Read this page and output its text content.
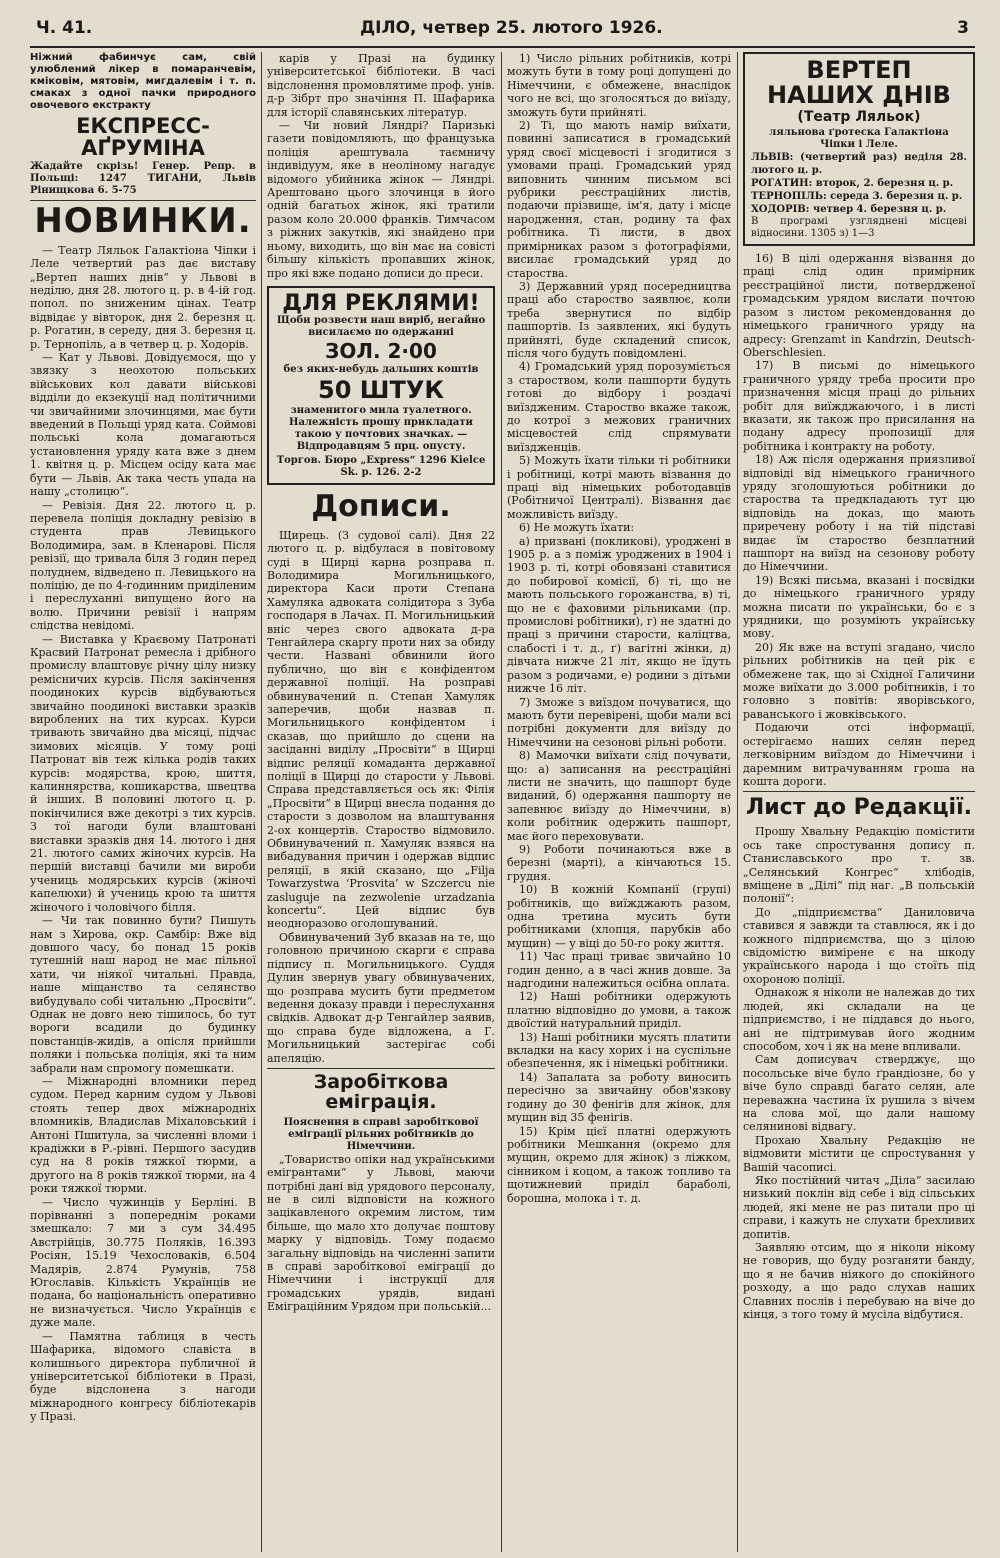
Ч. 41.	ДІЛО, четвер 25. лютого 1926.	3

Ніжний фабинчує сам, свій улюблений лікер в помаранчевім, кміковім, мятовім, мигдалевім і т. п. смаках з одної пачки природного овочевого екстракту

ЕКСПРЕСС-АҐРУМІНА

Жадайте скрізь! Генер. Репр. в Польщі: 1247 ТИГАНИ, Львів Рінищкова 6. 5-75

НОВИНКИ.

— Театр Ляльок Галактіона Чіпки і Леле четвертий раз дає виставу „Вертеп наших днів“ у Львові в неділю, дня 28. лютого ц. р. в 4-ій год. попол. по зниженим цінах. Театр відвідає у вівторок, дня 2. березня ц. р. Рогатин, в середу, дня 3. березня ц. р. Тернопіль, а в четвер ц. р. Ходорів.

— Кат у Львові. Довідуємося, що у звязку з неохотою польських військових кол давати військові відділи до екзекуції над політичними чи звичайними злочинцями, має бути введений в Польщі уряд ката. Соймові польські кола домагаються установлення уряду ката вже з днем 1. квітня ц. р. Місцем осіду ката має бути — Львів. Ак така честь упада на нашу „столицю“.

— Ревізія. Дня 22. лютого ц. р. перевела поліція докладну ревізію в студента прав Левицького Володимира, зам. в Кленарові. Після ревізії, що тривала біля 3 годин перед полуднем, відведено п. Левицького на поліцію, де по 4-годинним приділеним і переслуханні випущено його на волю. Причини ревізії і напрям слідства невідомі.

— Виставка у Краєвому Патронаті Красвий Патронат ремесла і дрібного промислу влаштовує річну цілу низку ремісничих курсів. Після закінчення поодиноких курсів відбуваються звичайно поодинокі виставки зразків вироблених на тих курсах. Курси тривають звичайно два місяці, підчас зимових місяців. У тому році Патронат вів теж кілька родів таких курсів: модярства, крою, шиття, калиннярства, кошикарства, швецтва й інших. В половині лютого ц. р. покінчилися вже декотрі з тих курсів. З тої нагоди були влаштовані виставки зразків дня 14. лютого і дня 21. лютого самих жіночих курсів. На першій виставці бачили ми вироби учениць модярських курсів (жіночі капелюхи) й учениць крою та шиття жіночого і чоловічого білля.

— Чи так повинно бути? Пишуть нам з Хирова, окр. Самбір: Вже від довшого часу, бо понад 15 років тутешній наш народ не має пільної хати, чи ніякої читальні. Правда, наше міщанство та селянство вибудувало собі читальню „Просвіти“. Однак не довго нею тішилось, бо тут вороги всадили до будинку повстанців-жидів, а опісля прийшли поляки і польська поліція, які та ним забрали нам спромогу помешкати.

— Міжнародні вломники перед судом. Перед карним судом у Львові стоять тепер двох міжнародніх вломників, Владислав Міхаловський і Антоні Пшитула, за численні вломи і крадіжки в Р.-рівні. Першого засудив суд на 8 років тяжкої тюрми, а другого на 8 років тяжкої тюрми, на 4 роки тяжкої тюрми.

— Число чужинців у Берліні. В порівнанні з попереднім роками змешкало: 7 ми з сум 34.495 Австрійців, 30.775 Поляків, 16.393 Росіян, 15.19 Чехословаків, 6.504 Мадярів, 2.874 Румунів, 758 Югославів. Кількість Українців не подана, бо національність оперативно не визначується. Число Українців є дуже мале.

— Памятна таблиця в честь Шафарика, відомого славіста в колишнього директора публичної й університетської бібліотеки в Празі, буде відслонена з нагоди міжнародного конгресу бібліотекарів у Празі.

карів у Празі на будинку університетської бібліотеки. В часі відслонення промовлятиме проф. унів. д-р Зібрт про значіння П. Шафарика для історії славянських літератур.

— Чи новий Ляндрі? Паризькі газети повідомляють, що французька поліція арештувала таємничу індивідуум, яке в неоліному нагадує відомого убийника жінок — Ляндрі. Арештовано цього злочинця в його одній багатьох жінок, які тратили разом коло 20.000 франків. Тимчасом з ріжних закутків, які знайдено при ньому, виходить, що він має на совісті більшу кількість пропавших жінок, про які вже подано дописи до преси.

ДЛЯ РЕКЛЯМИ!

Щоби розвести наш виріб, негайно висилаємо по одержанні

ЗОЛ. 2·00

без яких-небудь дальших коштів

50 ШТУК

знаменитого мила туалетного. Належність прошу прикладати такою у почтових значках. — Відпродавцям 5 прц. опусту.

Торгов. Бюро „Express“ 1296 Kielce Sk. p. 126. 2-2

Дописи.

Щирець. (З судової салі). Дня 22 лютого ц. р. відбулася в повітовому суді в Щирці карна розправа п. Володимира Могильницького, директора Каси проти Степана Хамуляка адвоката солідитора з Зуба господаря в Лачах. П. Могильницький вніс через свого адвоката д-ра Тенгайлера скаргу проти них за обиду чести. Названі обвинили його публично, що він є конфідентом державної поліції. На розправі обвинувачений п. Степан Хамуляк заперечив, щоби назвав п. Могильницького конфідентом і сказав, що прийшло до сцени на засіданні виділу „Просвіти“ в Щирці відпис реляції комаданта державної поліції в Щирці до старости у Львові. Справа представляється ось як: Філія „Просвіти“ в Щирці внесла подання до старости з дозволом на влаштування 2-ох концертів. Староство відмовило. Обвинувачений п. Хамуляк взявся на вибадування причин і одержав відпис реляції, в якій сказано, що „Filja Towarzystwa ‘Prosvita’ w Szczercu nie zasluguje na zezwolenie urzadzania koncertu“. Цей відпис був неодноразово оголошуваний.

Обвинувачений Зуб вказав на те, що головною причиною скарги є справа підпису п. Могильницького. Суддя Дулин звернув увагу обвинувачених, що розправа мусить бути предметом ведення доказу правди і переслухання свідків. Адвокат д-р Тенгайлер заявив, що справа буде відложена, а Г. Могильницький застерігає собі апеляцію.

Заробіткова еміграція.

Пояснення в справі заробіткової еміграції рільних робітників до Німеччини.

„Товариство опіки над українськими емігрантами“ у Львові, маючи потрібні дані від урядового персоналу, не в силі відповісти на кожного зацікавленого окремим листом, тим більше, що мало хто долучає поштову марку у відповідь. Тому подаємо загальну відповідь на численні запити в справі заробіткової еміграції до Німеччини і інструкції для громадських урядів, видані Еміграційним Урядом при польській...

1) Число рільних робітників, котрі можуть бути в тому році допущені до Німеччини, є обмежене, внаслідок чого не всі, що зголосяться до виїзду, зможуть бути прийняті.

2) Ті, що мають намір виїхати, повинні записатися в громадський уряд своєї місцевості і згодитися з умовами праці. Громадський уряд виповнить чинним письмом всі рубрики реєстраційних листів, подаючи прізвище, ім'я, дату і місце народження, стан, родину та фах робітника. Ті листи, в двох примірниках разом з фотографіями, висилає громадський уряд до староства.

3) Державний уряд посередництва праці або староство заявлює, коли треба звернутися по відбір пашпортів. Із заявлених, які будуть прийняті, буде складений список, після чого будуть повідомлені.

4) Громадський уряд порозуміється з староством, коли пашпорти будуть готові до відбору і роздачі виїздженим. Староство вкаже також, до котрої з межових граничних місцевостей слід спрямувати виїздженців.

5) Можуть їхати тільки ті робітники і робітниці, котрі мають візвання до праці від німецьких роботодавців (Робітничої Централі). Візвання дає можливість виїзду.

6) Не можуть їхати:

а) призвані (покликові), уроджені в 1905 р. а з поміж уроджених в 1904 і 1903 р. ті, котрі обовязані ставитися до побирової комісії, б) ті, що не мають польського горожанства, в) ті, що не є фаховими рільниками (пр. промислові робітники), г) не здатні до праці з причини старости, каліцтва, слабості і т. д., ґ) вагітні жінки, д) дівчата нижче 21 літ, якщо не їдуть разом з родичами, е) родини з дітьми нижче 16 літ.

7) Зможе з виїздом почуватися, що мають бути перевірені, щоби мали всі потрібні документи для виїзду до Німеччини на сезонові рільні роботи.

8) Мамочки виїхати слід почувати, що: а) записання на реєстраційні листи не значить, що пашпорт буде виданий, б) одержання пашпорту не запевнює виїзду до Німеччини, в) коли робітник одержить пашпорт, має його переховувати.

9) Роботи починаються вже в березні (марті), а кінчаються 15. грудня.

10) В кожній Компанії (групі) робітників, що виїжджають разом, одна третина мусить бути робітниками (хлопця, парубків або мущин) — у віці до 50-го року життя.

11) Час праці триває звичайно 10 годин денно, а в часі жнив довше. За надгодини належиться осібна оплата.

12) Наші робітники одержують платню відповідно до умови, а також двоїстий натуральний приділ.

13) Наші робітники мусять платити вкладки на касу хорих і на суспільне обезпечення, як і німецькі робітники.

14) Запалата за роботу виносить пересічно за звичайну обов'язкову годину до 30 фенігів для жінок, для мущин від 35 фенігів.

15) Крім цієї платні одержують робітники Мешкання (окремо для мущин, окремо для жінок) з ліжком, сінником і коцом, а також топливо та щотижневий приділ бараболі, борошна, молока і т. д.

ВЕРТЕП НАШИХ ДНІВ
(Театр Ляльок)

ляльнова ґротеска Галактіона Чіпки і Леле.

ЛЬВІВ: (четвертий раз) неділя 28. лютого ц. р.

РОГАТИН: второк, 2. березня ц. р.

ТЕРНОПІЛЬ: середа 3. березня ц. р.

ХОДОРІВ: четвер 4. березня ц. р.

В програмі узгляднені місцеві відносини. 1305 з) 1—3

16) В цілі одержання візвання до праці слід один примірник реєстраційної листи, потвердженої громадським урядом вислати почтою разом з листом рекомендовання до німецького граничного уряду на адресу: Grenzamt in Kandrzin, Deutsch-Oberschlesien.

17) В письмі до німецького граничного уряду треба просити про призначення місця праці до рільних робіт для виїжджаючого, і в листі вказати, як також про присилання на подану адресу пропозиції для робітника і контракту на роботу.

18) Аж після одержання приязливої відповіді від німецького граничного уряду зголошуються робітники до староства та предкладають тут цю відповідь на доказ, що мають приречену роботу і на тій підставі видає їм староство безплатний пашпорт на виїзд на сезонову роботу до Німеччини.

19) Всякі письма, вказані і посвідки до німецького граничного уряду можна писати по українськи, бо є з урядники, що розуміють українську мову.

20) Як вже на вступі згадано, число рільних робітників на цей рік є обмежене так, що зі Східної Галичини може виїхати до 3.000 робітників, і то головно з повітів: яворівського, раванського і жовківського.

Подаючи отсі інформації, остерігаємо наших селян перед легковірним виїздом до Німеччини і даремним витрачуванням гроша на кошта дороги.

Лист до Редакції.

Прошу Хвальну Редакцію помістити ось таке спростування допису п. Станиславського про т. зв. „Селянський Конгрес“ хлібодів, вміщене в „Ділі“ під наг. „В польській полонії“:

До „підприємства“ Даниловича ставився я завжди та ставлюся, як і до кожного підприємства, що з цілою свідомістю вимірене є на шкоду українського народа і що стоїть під охороною поліції.

Однакож я ніколи не належав до тих людей, які складали на це підприємство, і не піддався до нього, ані не підтримував його жодним способом, хоч і як на мене впливали.

Сам дописувач стверджує, що посольське віче було ґрандіозне, бо у віче було справді багато селян, але переважна частина їх рушила з вічем на слова мої, що дали нашому селянинові відвагу.

Прохаю Хвальну Редакцію не відмовити містити це спростування у Вашій часописі.

Яко постійний читач „Діла“ засилаю низький поклін від себе і від сільських людей, які мене не раз питали про ці справи, і кажуть не слухати брехливих допитів.

Заявляю отсим, що я ніколи нікому не говорив, що буду розганяти банду, що я не бачив ніякого до спокійного розходу, а що радо слухав наших Славних послів і перебуваю на віче до кінця, з того тому й мусіла відбутися.
